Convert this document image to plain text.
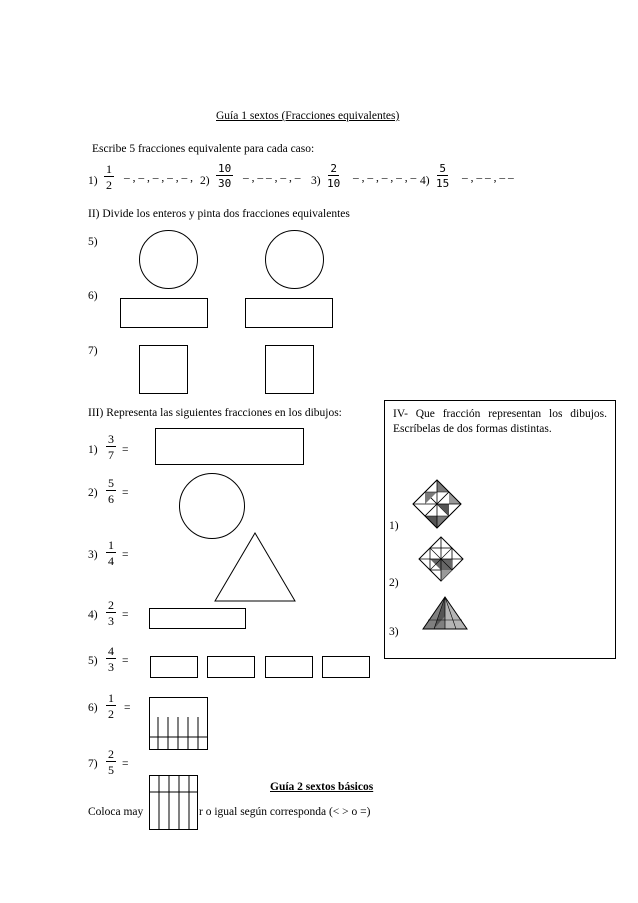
Guía 1 sextos (Fracciones equivalentes)
Escribe 5 fracciones equivalente para cada caso:
$1) \frac{1}{2}$ – , – , – , – , – , $2) \frac{10}{30}$ – , – – , – , – $3) \frac{2}{10}$ – , – , – , – , – $4) \frac{5}{15}$ – , – – , – –
II) Divide los enteros y pinta dos fracciones equivalentes
5)
6)
7)
III) Representa las siguientes fracciones en los dibujos:
$1) \frac{3}{7}$ =
$2) \frac{5}{6}$ =
$3) \frac{1}{4}$ =
$4) \frac{2}{3}$ =
$5) \frac{4}{3}$ =
$6) \frac{1}{2}$ =
$7) \frac{2}{5}$ =
IV- Que fracción representan los dibujos. Escríbelas de dos formas distintas.
1)
2)
3)
Guía 2 sextos básicos
Coloca may	r o igual según corresponda (< > o =)
